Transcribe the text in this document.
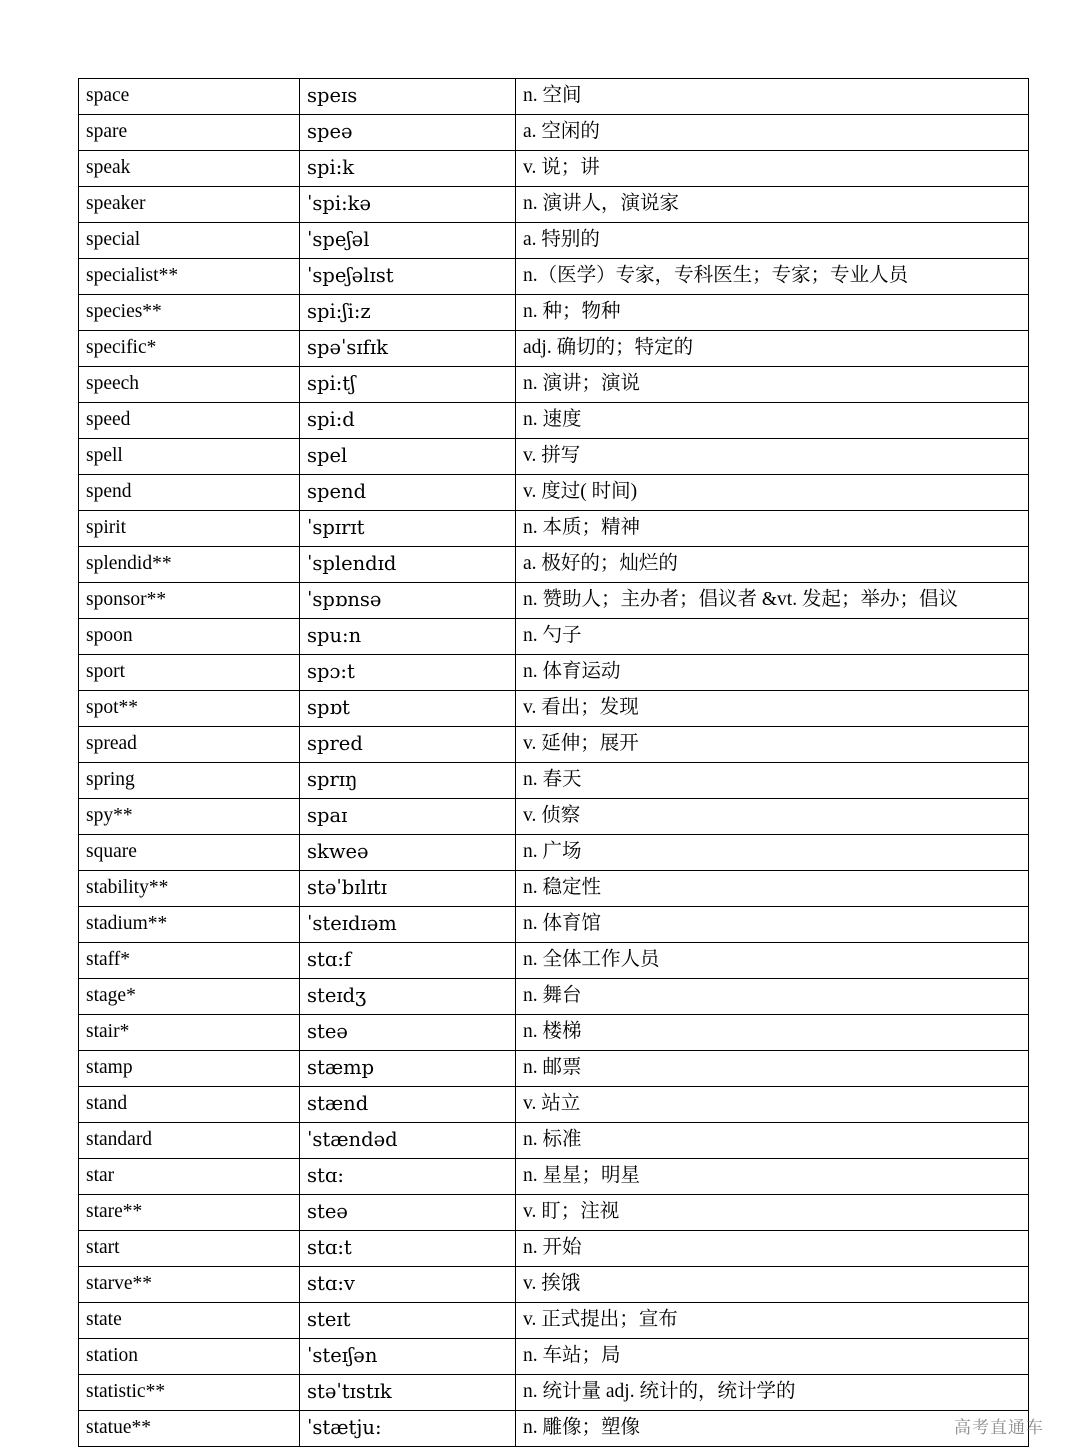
space	speɪs	n. 空间
spare	speə	a. 空闲的
speak	spi:k	v. 说；讲
speaker	ˈspi:kə	n. 演讲人，演说家
special	ˈspeʃəl	a. 特别的
specialist**	ˈspeʃəlɪst	n.（医学）专家，专科医生；专家；专业人员
species**	spi:ʃi:z	n. 种；物种
specific*	spəˈsɪfɪk	adj. 确切的；特定的
speech	spi:tʃ	n. 演讲；演说
speed	spi:d	n. 速度
spell	spel	v. 拼写
spend	spend	v. 度过( 时间)
spirit	ˈspɪrɪt	n. 本质；精神
splendid**	ˈsplendɪd	a. 极好的；灿烂的
sponsor**	ˈspɒnsə	n. 赞助人；主办者；倡议者 &vt. 发起；举办；倡议
spoon	spu:n	n. 勺子
sport	spɔ:t	n. 体育运动
spot**	spɒt	v. 看出；发现
spread	spred	v. 延伸；展开
spring	sprɪŋ	n. 春天
spy**	spaɪ	v. 侦察
square	skweə	n. 广场
stability**	stəˈbɪlɪtɪ	n. 稳定性
stadium**	ˈsteɪdɪəm	n. 体育馆
staff*	stɑ:f	n. 全体工作人员
stage*	steɪdʒ	n. 舞台
stair*	steə	n. 楼梯
stamp	stæmp	n. 邮票
stand	stænd	v. 站立
standard	ˈstændəd	n. 标准
star	stɑ:	n. 星星；明星
stare**	steə	v. 盯；注视
start	stɑ:t	n. 开始
starve**	stɑ:v	v. 挨饿
state	steɪt	v. 正式提出；宣布
station	ˈsteɪʃən	n. 车站；局
statistic**	stəˈtɪstɪk	n. 统计量 adj. 统计的，统计学的
statue**	ˈstætju:	n. 雕像；塑像	高考直通车
